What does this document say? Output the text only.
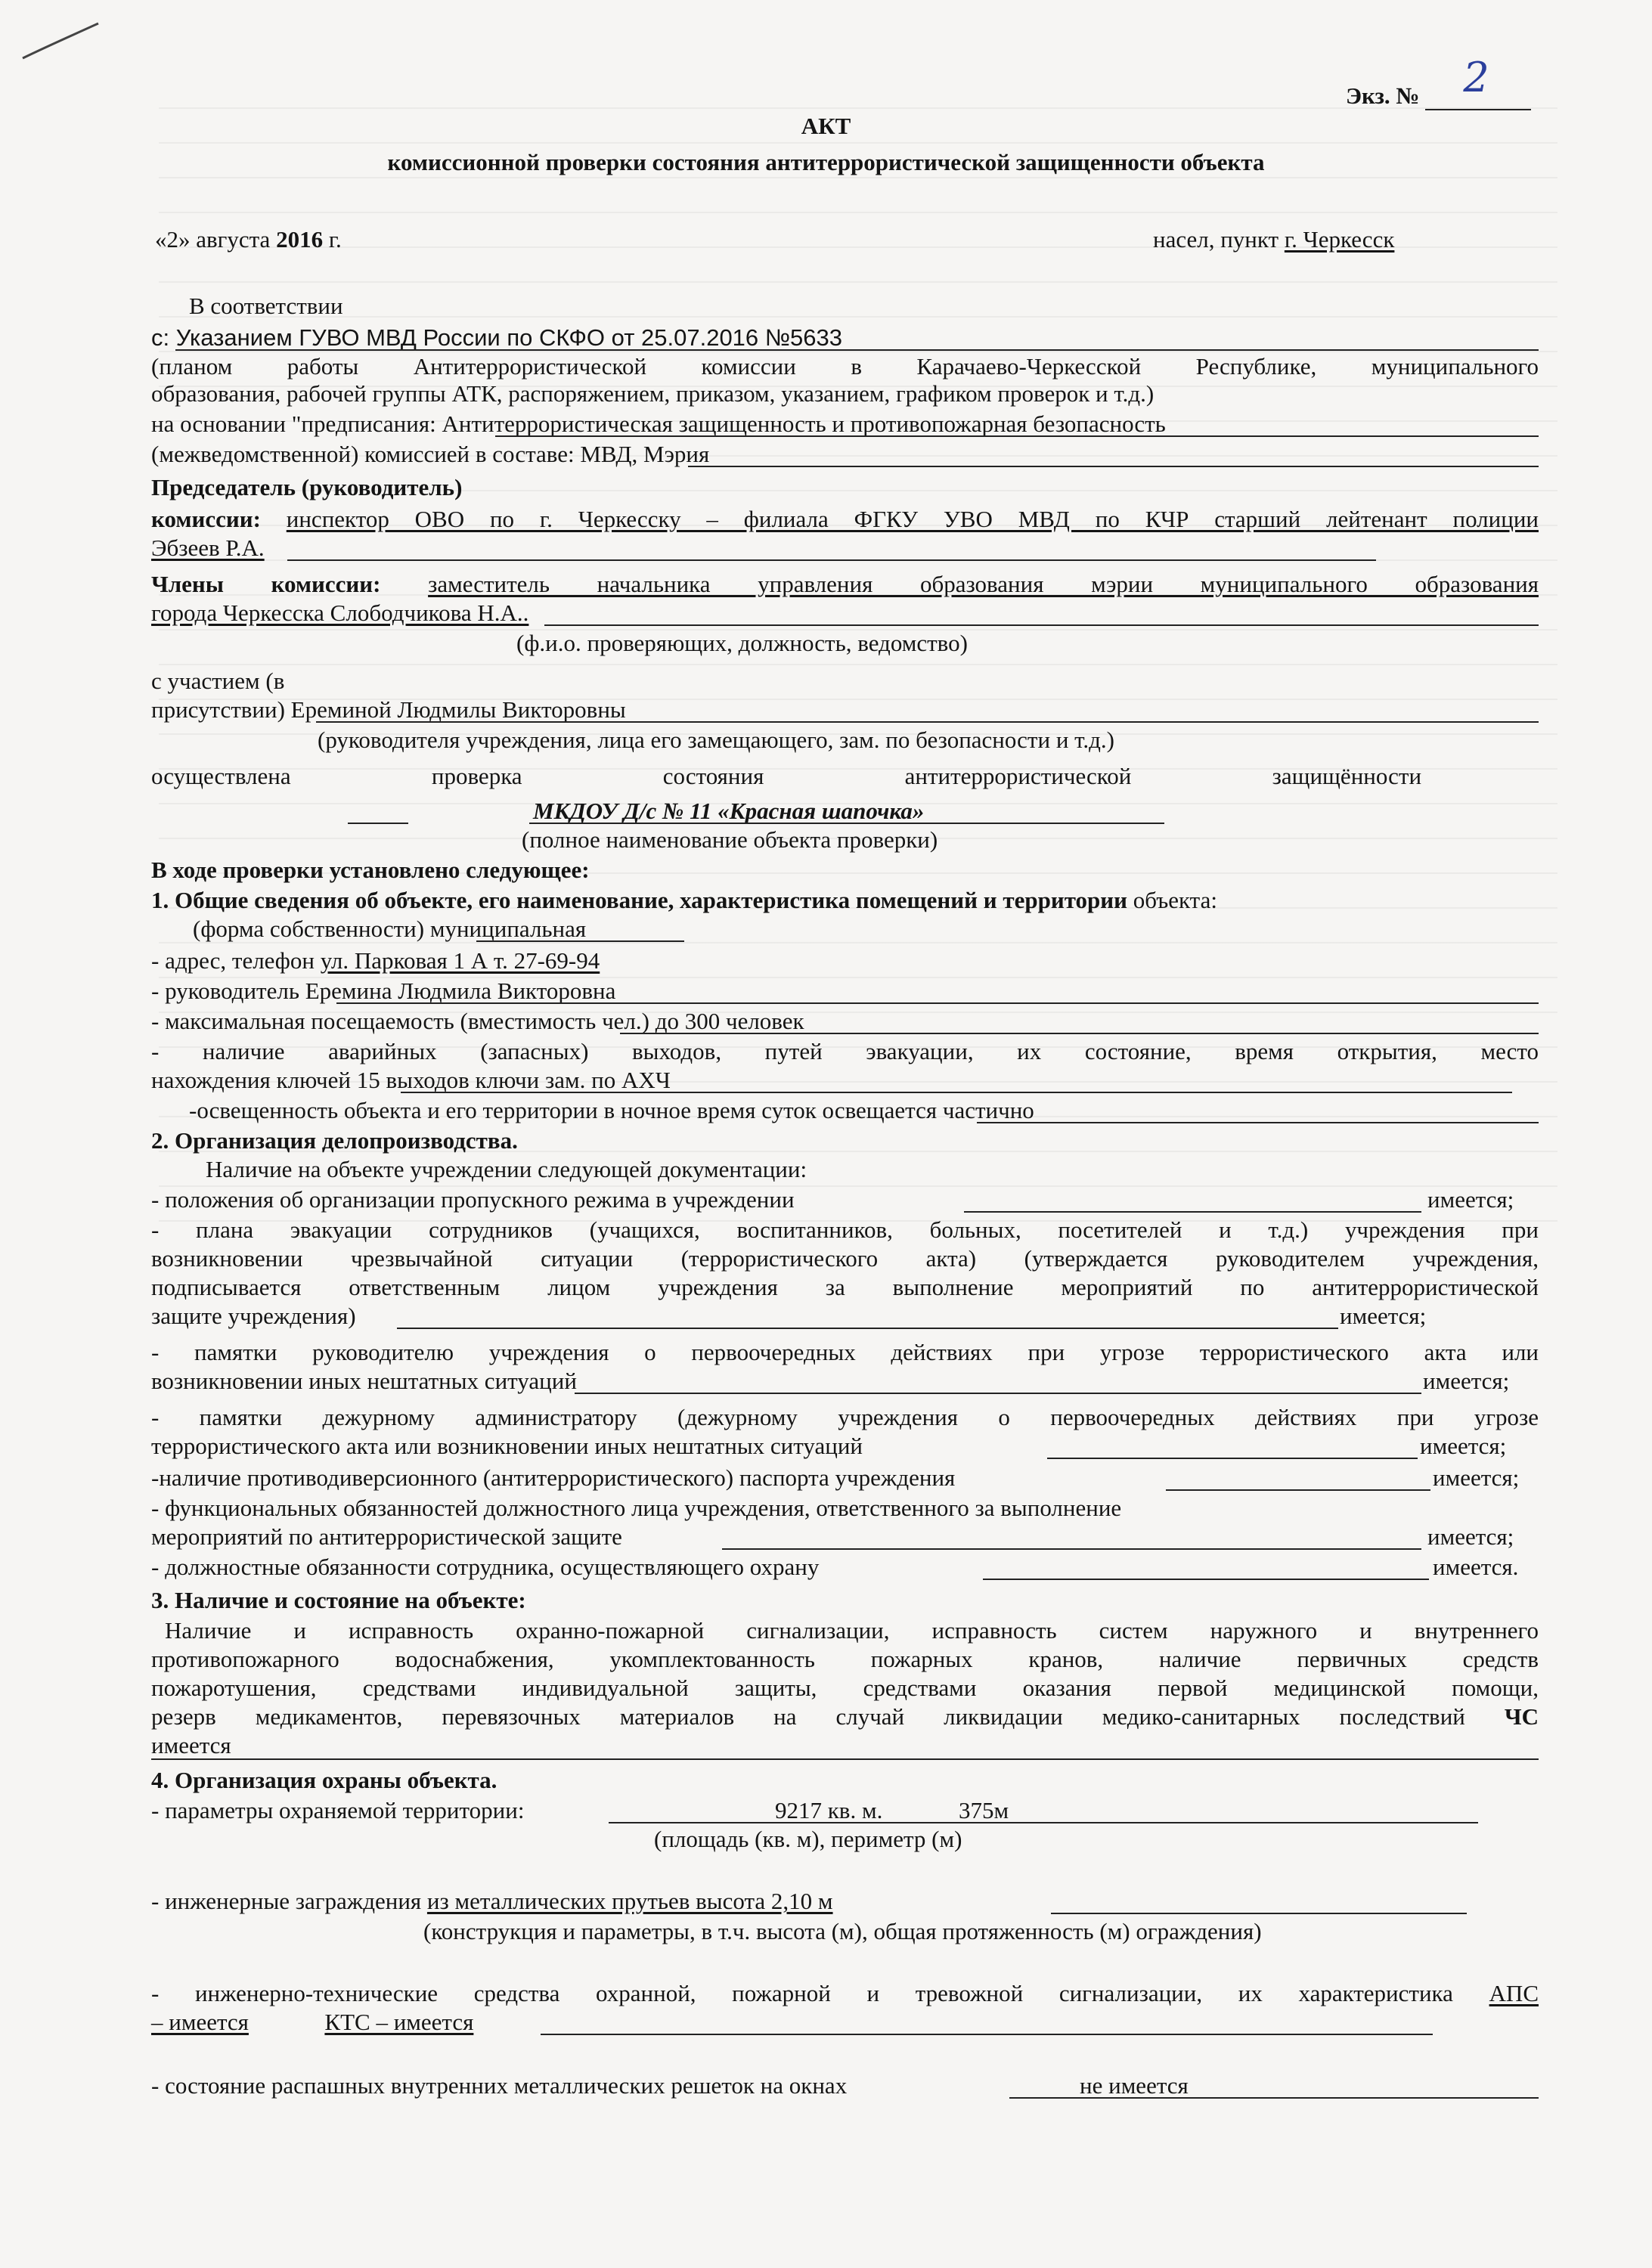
Экз. № 2
АКТ
комиссионной проверки состояния антитеррористической защищенности объекта
«2» августа 2016 г.	насел, пункт г. Черкесск
В соответствии
с: Указанием ГУВО МВД России по СКФО от 25.07.2016 №5633
(планом работы Антитеррористической комиссии в Карачаево-Черкесской Республике, муниципального
образования, рабочей группы АТК, распоряжением, приказом, указанием, графиком проверок и т.д.)
на основании "предписания: Антитеррористическая защищенность и противопожарная безопасность
(межведомственной) комиссией в составе: МВД, Мэрия
Председатель (руководитель)
комиссии: инспектор ОВО по г. Черкесску – филиала ФГКУ УВО МВД по КЧР старший лейтенант полиции
Эбзеев Р.А.
Члены комиссии: заместитель начальника управления образования мэрии муниципального образования
города Черкесска Слободчикова Н.А..
(ф.и.о. проверяющих, должность, ведомство)
с участием (в
присутствии) Ереминой Людмилы Викторовны
(руководителя учреждения, лица его замещающего, зам. по безопасности и т.д.)
осуществлена	проверка	состояния	антитеррористической	защищённости
МКДОУ Д/с № 11 «Красная шапочка»
(полное наименование объекта проверки)
В ходе проверки установлено следующее:
1. Общие сведения об объекте, его наименование, характеристика помещений и территории объекта:
(форма собственности) муниципальная
- адрес, телефон ул. Парковая 1 А т. 27-69-94
- руководитель Еремина Людмила Викторовна
- максимальная посещаемость (вместимость чел.) до 300 человек
- наличие аварийных (запасных) выходов, путей эвакуации, их состояние, время открытия, место
нахождения ключей 15 выходов ключи зам. по АХЧ
-освещенность объекта и его территории в ночное время суток освещается частично
2. Организация делопроизводства.
Наличие на объекте учреждении следующей документации:
- положения об организации пропускного режима в учреждении	имеется;
- плана эвакуации сотрудников (учащихся, воспитанников, больных, посетителей и т.д.) учреждения при
возникновении чрезвычайной ситуации (террористического акта) (утверждается руководителем учреждения,
подписывается ответственным лицом учреждения за выполнение мероприятий по антитеррористической
защите учреждения)	имеется;
- памятки руководителю учреждения о первоочередных действиях при угрозе террористического акта или
возникновении иных нештатных ситуаций	имеется;
- памятки дежурному администратору (дежурному учреждения о первоочередных действиях при угрозе
террористического акта или возникновении иных нештатных ситуаций	имеется;
-наличие противодиверсионного (антитеррористического) паспорта учреждения	имеется;
- функциональных обязанностей должностного лица учреждения, ответственного за выполнение
мероприятий по антитеррористической защите	имеется;
- должностные обязанности сотрудника, осуществляющего охрану	имеется.
3. Наличие и состояние на объекте:
Наличие и исправность охранно-пожарной сигнализации, исправность систем наружного и внутреннего
противопожарного водоснабжения, укомплектованность пожарных кранов, наличие первичных средств
пожаротушения, средствами индивидуальной защиты, средствами оказания первой медицинской помощи,
резерв медикаментов, перевязочных материалов на случай ликвидации медико-санитарных последствий ЧС
имеется
4. Организация охраны объекта.
- параметры охраняемой территории:	9217 кв. м.	375м
(площадь (кв. м), периметр (м)
- инженерные заграждения из металлических прутьев высота 2,10 м
(конструкция и параметры, в т.ч. высота (м), общая протяженность (м) ограждения)
- инженерно-технические средства охранной, пожарной и тревожной сигнализации, их характеристика АПС
– имеется	КТС – имеется
- состояние распашных внутренних металлических решеток на окнах	не имеется
